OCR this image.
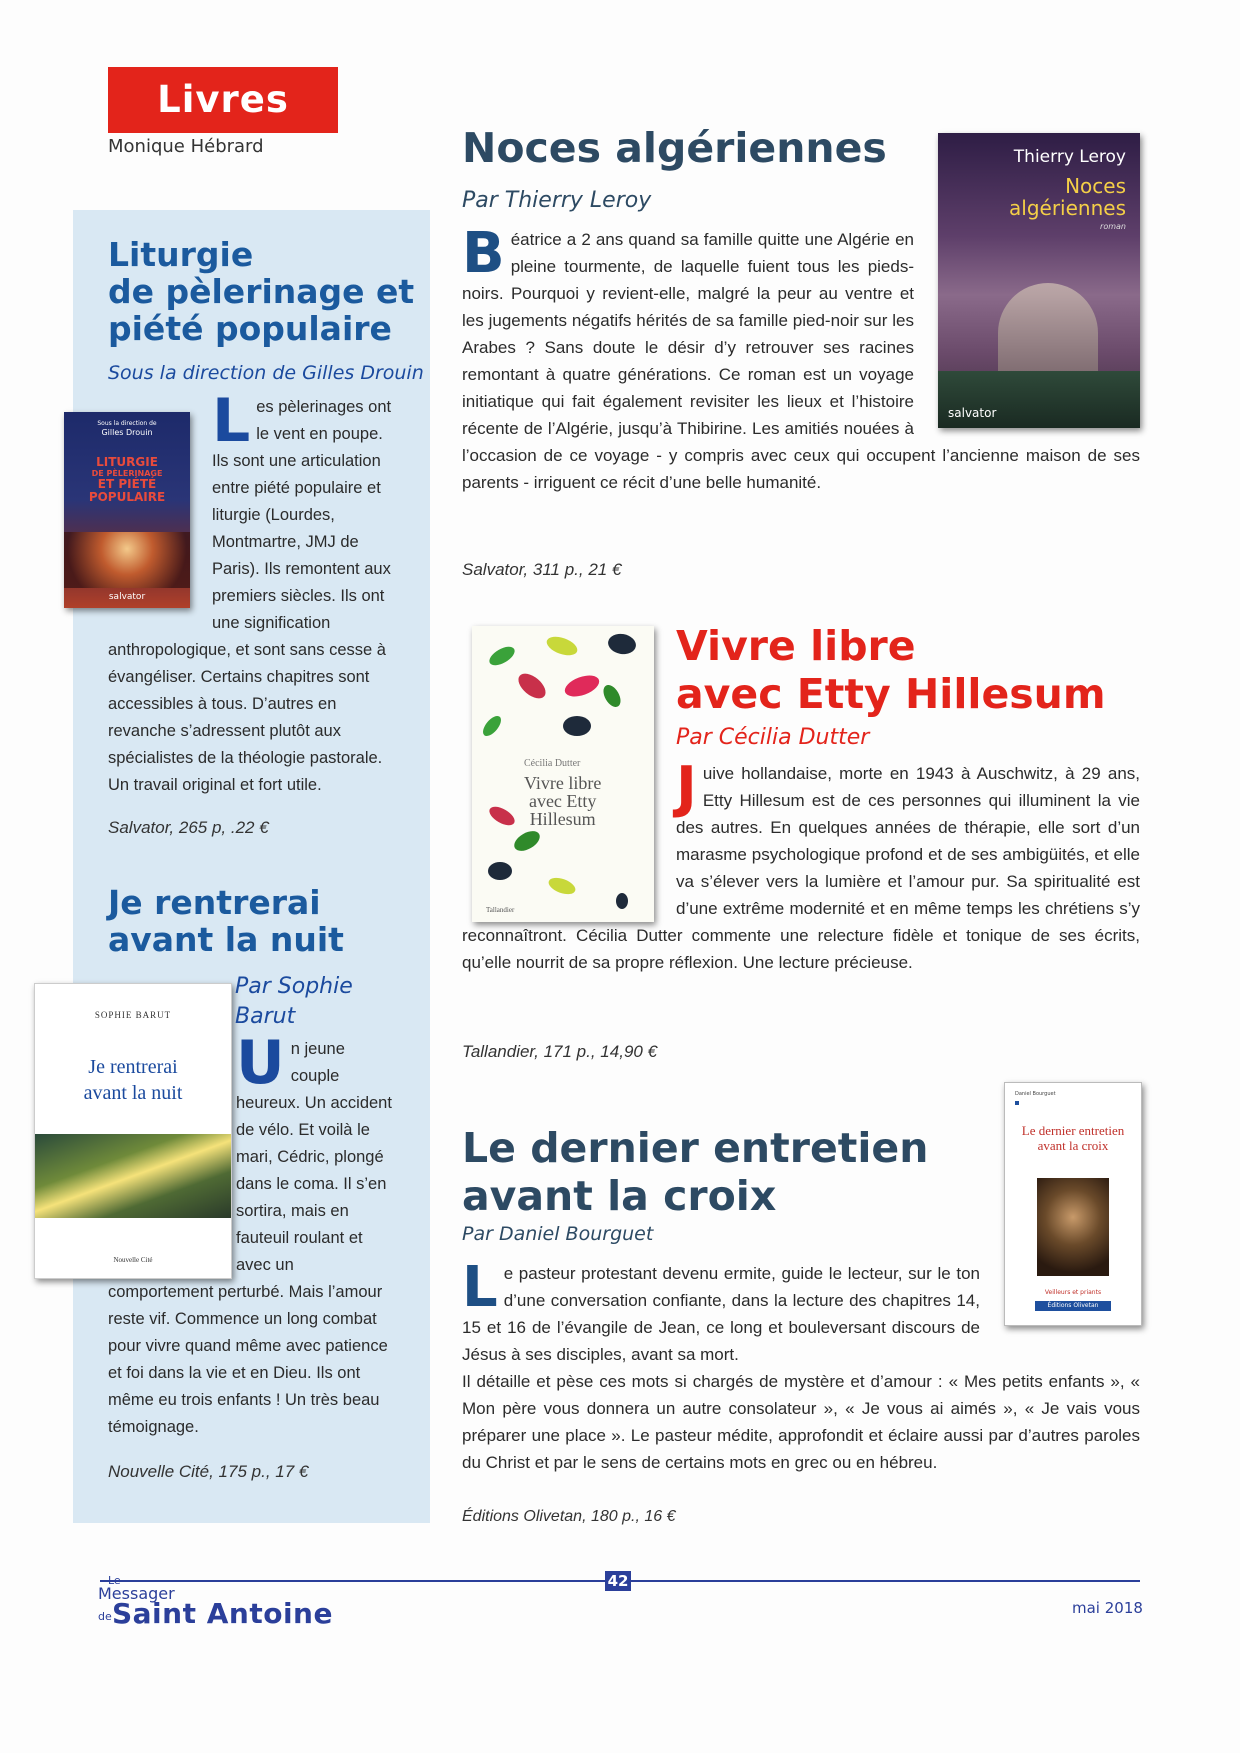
Livres
Monique Hébrard
Liturgie
de pèlerinage et
piété populaire
Sous la direction de Gilles Drouin
Sous la direction de
Gilles Drouin
LITURGIE
DE PÈLERINAGE
ET PIÉTÉ
POPULAIRE
salvator
L es pèlerinages ont le vent en poupe. Ils sont une articulation entre piété populaire et liturgie (Lourdes, Montmartre, JMJ de Paris). Ils remontent aux premiers siècles. Ils ont une signification anthropologique, et sont sans cesse à évangéliser. Certains chapitres sont accessibles à tous. D’autres en revanche s’adressent plutôt aux spécialistes de la théologie pastorale. Un travail original et fort utile.
Salvator, 265 p, .22 €
Je rentrerai
avant la nuit
SOPHIE BARUT
Je rentrerai
avant la nuit
Nouvelle Cité
Par Sophie
Barut
U n jeune couple heureux. Un accident de vélo. Et voilà le mari, Cédric, plongé dans le coma. Il s’en sortira, mais en fauteuil roulant et avec un comportement perturbé. Mais l’amour reste vif. Commence un long combat pour vivre quand même avec patience et foi dans la vie et en Dieu. Ils ont même eu trois enfants ! Un très beau témoignage.
Nouvelle Cité, 175 p., 17 €
Noces algériennes
Par Thierry Leroy
Thierry Leroy
Noces
algériennes
roman
salvator
B éatrice a 2 ans quand sa famille quitte une Algérie en pleine tourmente, de laquelle fuient tous les pieds-noirs. Pourquoi y revient-elle, malgré la peur au ventre et les jugements négatifs hérités de sa famille pied-noir sur les Arabes ? Sans doute le désir d’y retrouver ses racines remontant à quatre générations. Ce roman est un voyage initiatique qui fait également revisiter les lieux et l’histoire récente de l’Algérie, jusqu’à Thibirine. Les amitiés nouées à l’occasion de ce voyage - y compris avec ceux qui occupent l’ancienne maison de ses parents - irriguent ce récit d’une belle humanité.
Salvator, 311 p., 21 €
Cécilia Dutter
Vivre libre
avec Etty
Hillesum
Tallandier
Vivre libre
avec Etty Hillesum
Par Cécilia Dutter
J uive hollandaise, morte en 1943 à Auschwitz, à 29 ans, Etty Hillesum est de ces personnes qui illuminent la vie des autres. En quelques années de thérapie, elle sort d’un marasme psychologique profond et de ses ambigüités, et elle va s’élever vers la lumière et l’amour pur. Sa spiritualité est d’une extrême modernité et en même temps les chrétiens s’y reconnaîtront. Cécilia Dutter commente une relecture fidèle et tonique de ses écrits, qu’elle nourrit de sa propre réflexion. Une lecture précieuse.
Tallandier, 171 p., 14,90 €
Le dernier entretien
avant la croix
Par Daniel Bourguet
Daniel Bourguet
Le dernier entretien
avant la croix
Veilleurs et priants
Éditions Olivetan

Le pasteur protestant devenu ermite, guide le lecteur, sur le ton d’une conversation confiante, dans la lecture des chapitres 14, 15 et 16 de l’évangile de Jean, ce long et bouleversant discours de Jésus à ses disciples, avant sa mort.

Il détaille et pèse ces mots si chargés de mystère et d’amour : « Mes petits enfants », « Mon père vous donnera un autre consolateur », « Je vous ai aimés », « Je vais vous préparer une place ». Le pasteur médite, approfondit et éclaire aussi par d’autres paroles du Christ et par le sens de certains mots en grec ou en hébreu.

Éditions Olivetan, 180 p., 16 €
42
Le
Messager
de Saint Antoine	mai 2018
